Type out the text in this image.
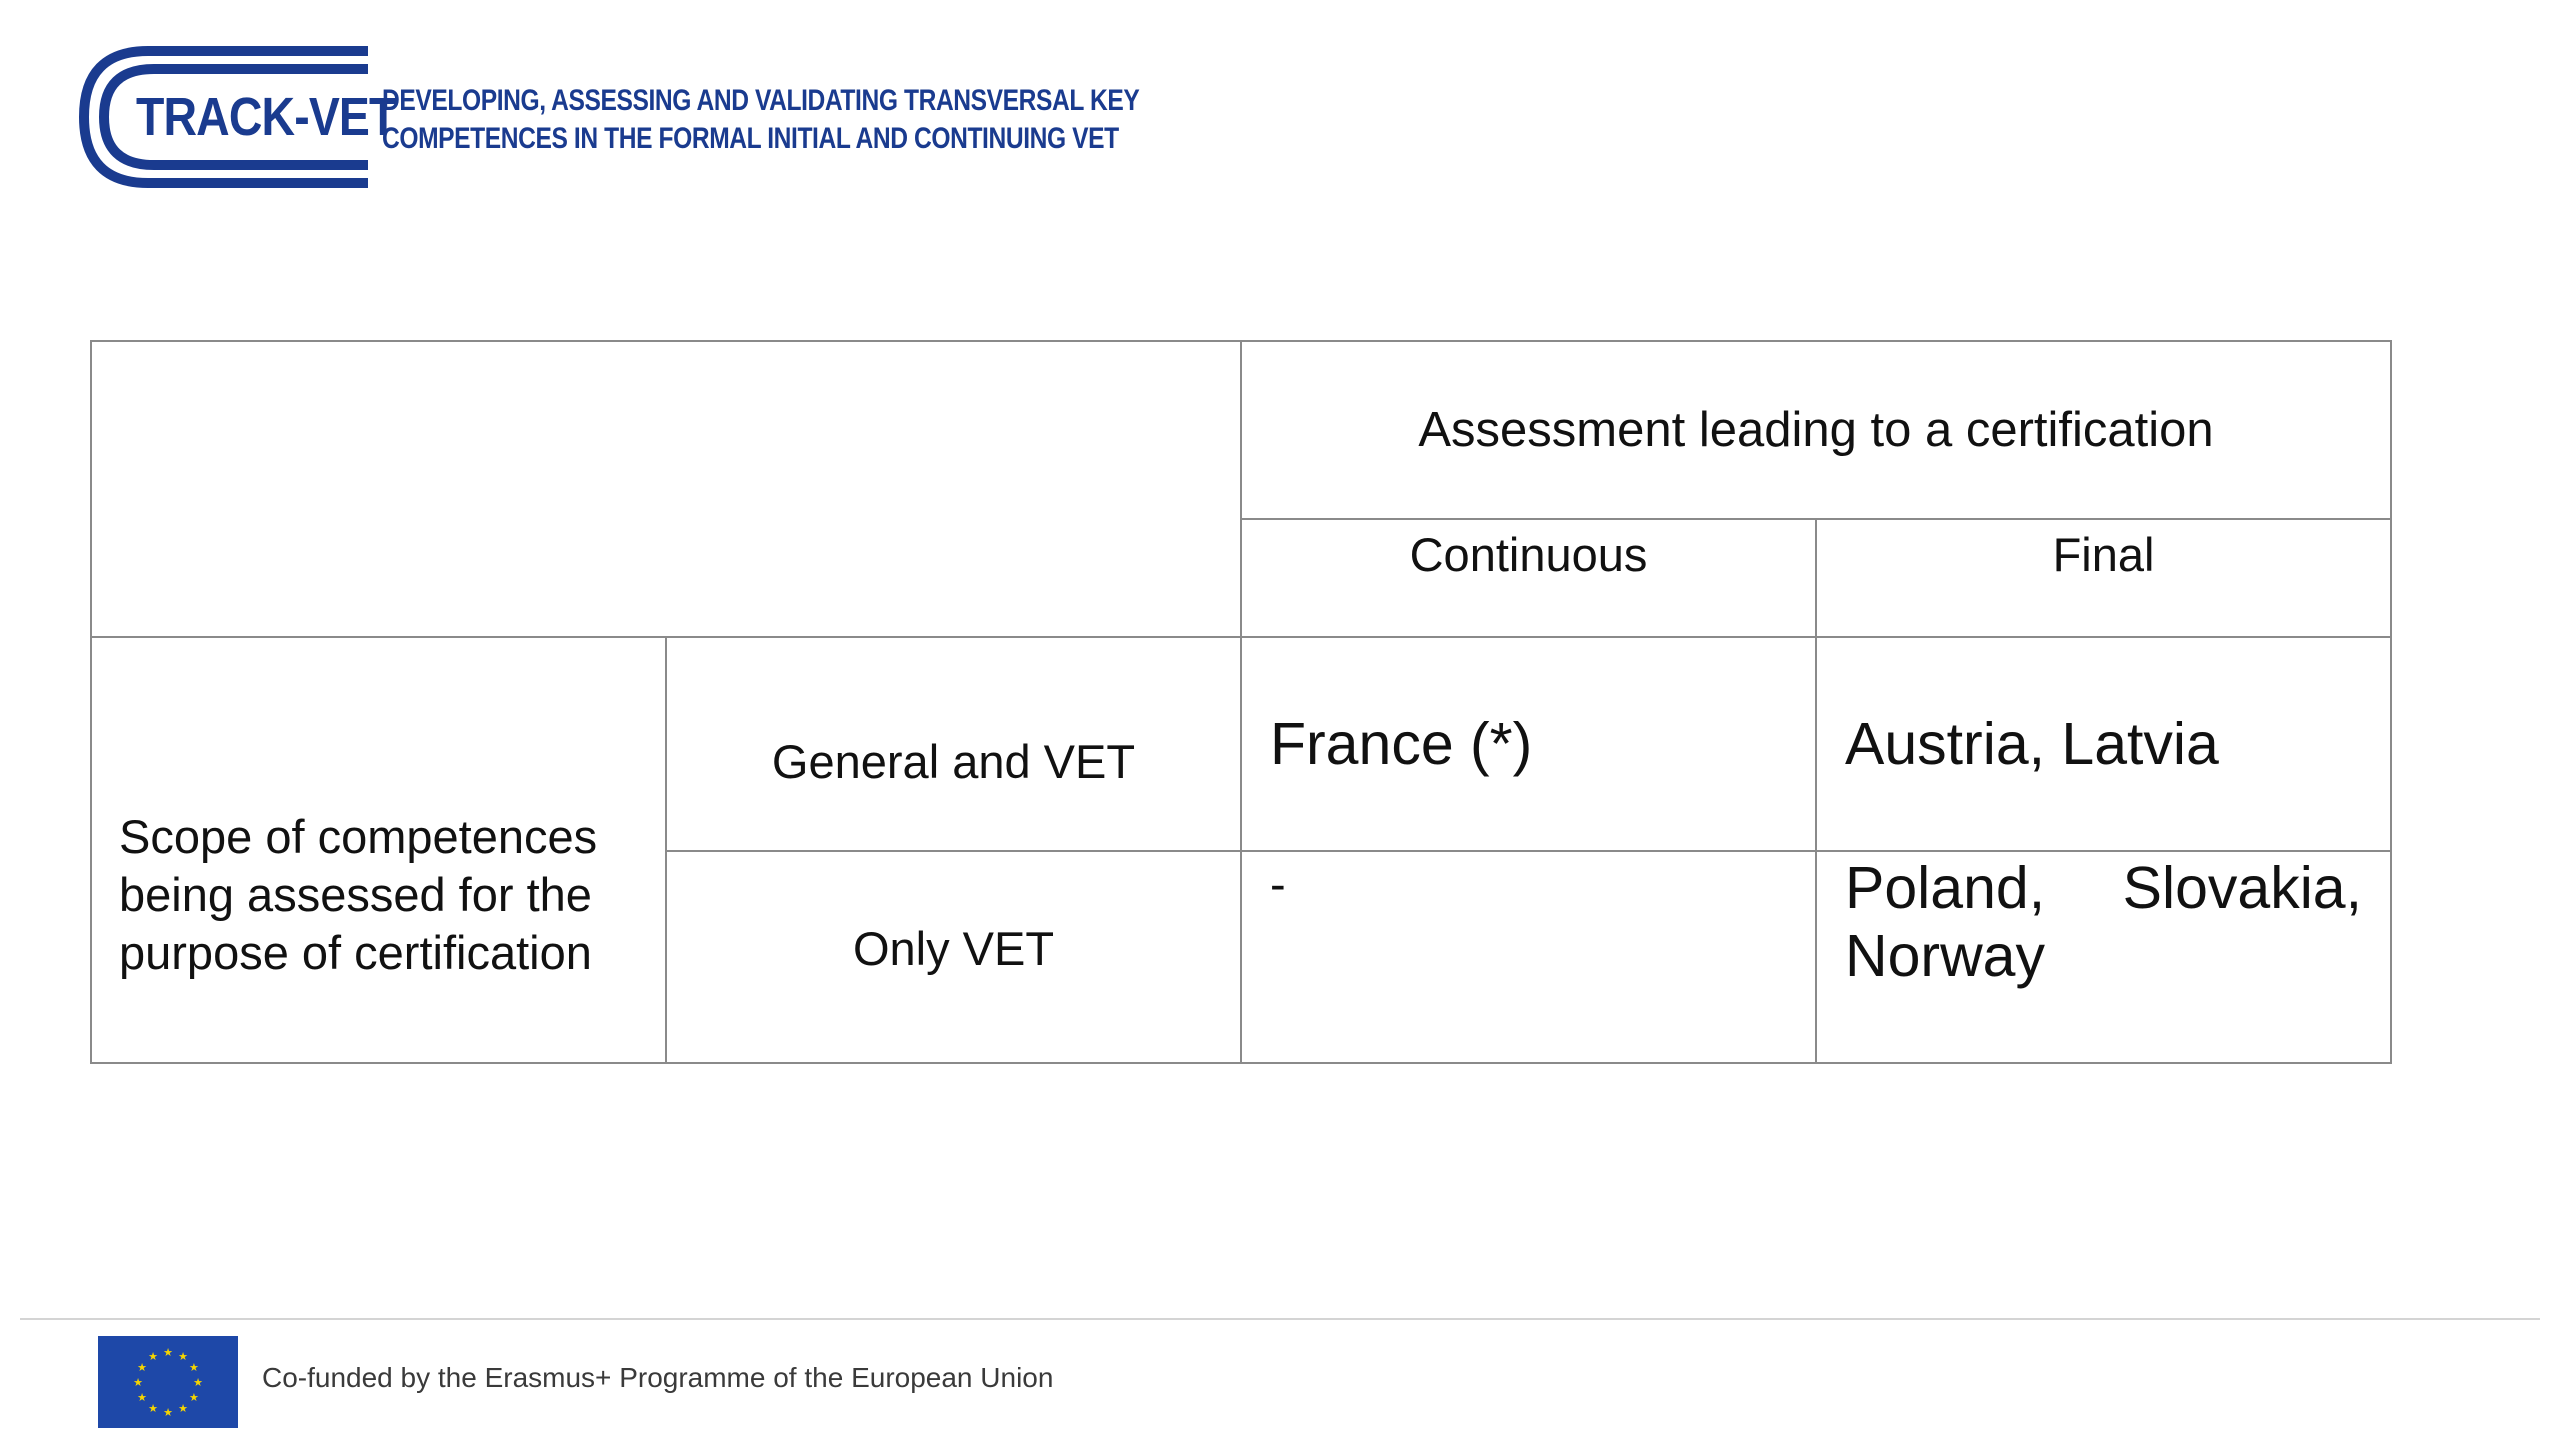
TRACK-VET
DEVELOPING, ASSESSING AND VALIDATING TRANSVERSAL KEY
COMPETENCES IN THE FORMAL INITIAL AND CONTINUING VET
		Assessment leading to a certification	
		Continuous	Final

Scope of competences being assessed for the purpose of certification	General and VET	France (*)	Austria, Latvia
	Only VET	-	Poland, Slovakia, Norway
★ ★
★
★
★
★
★
★
★
★
★
★
Co-funded by the Erasmus+ Programme of the European Union
